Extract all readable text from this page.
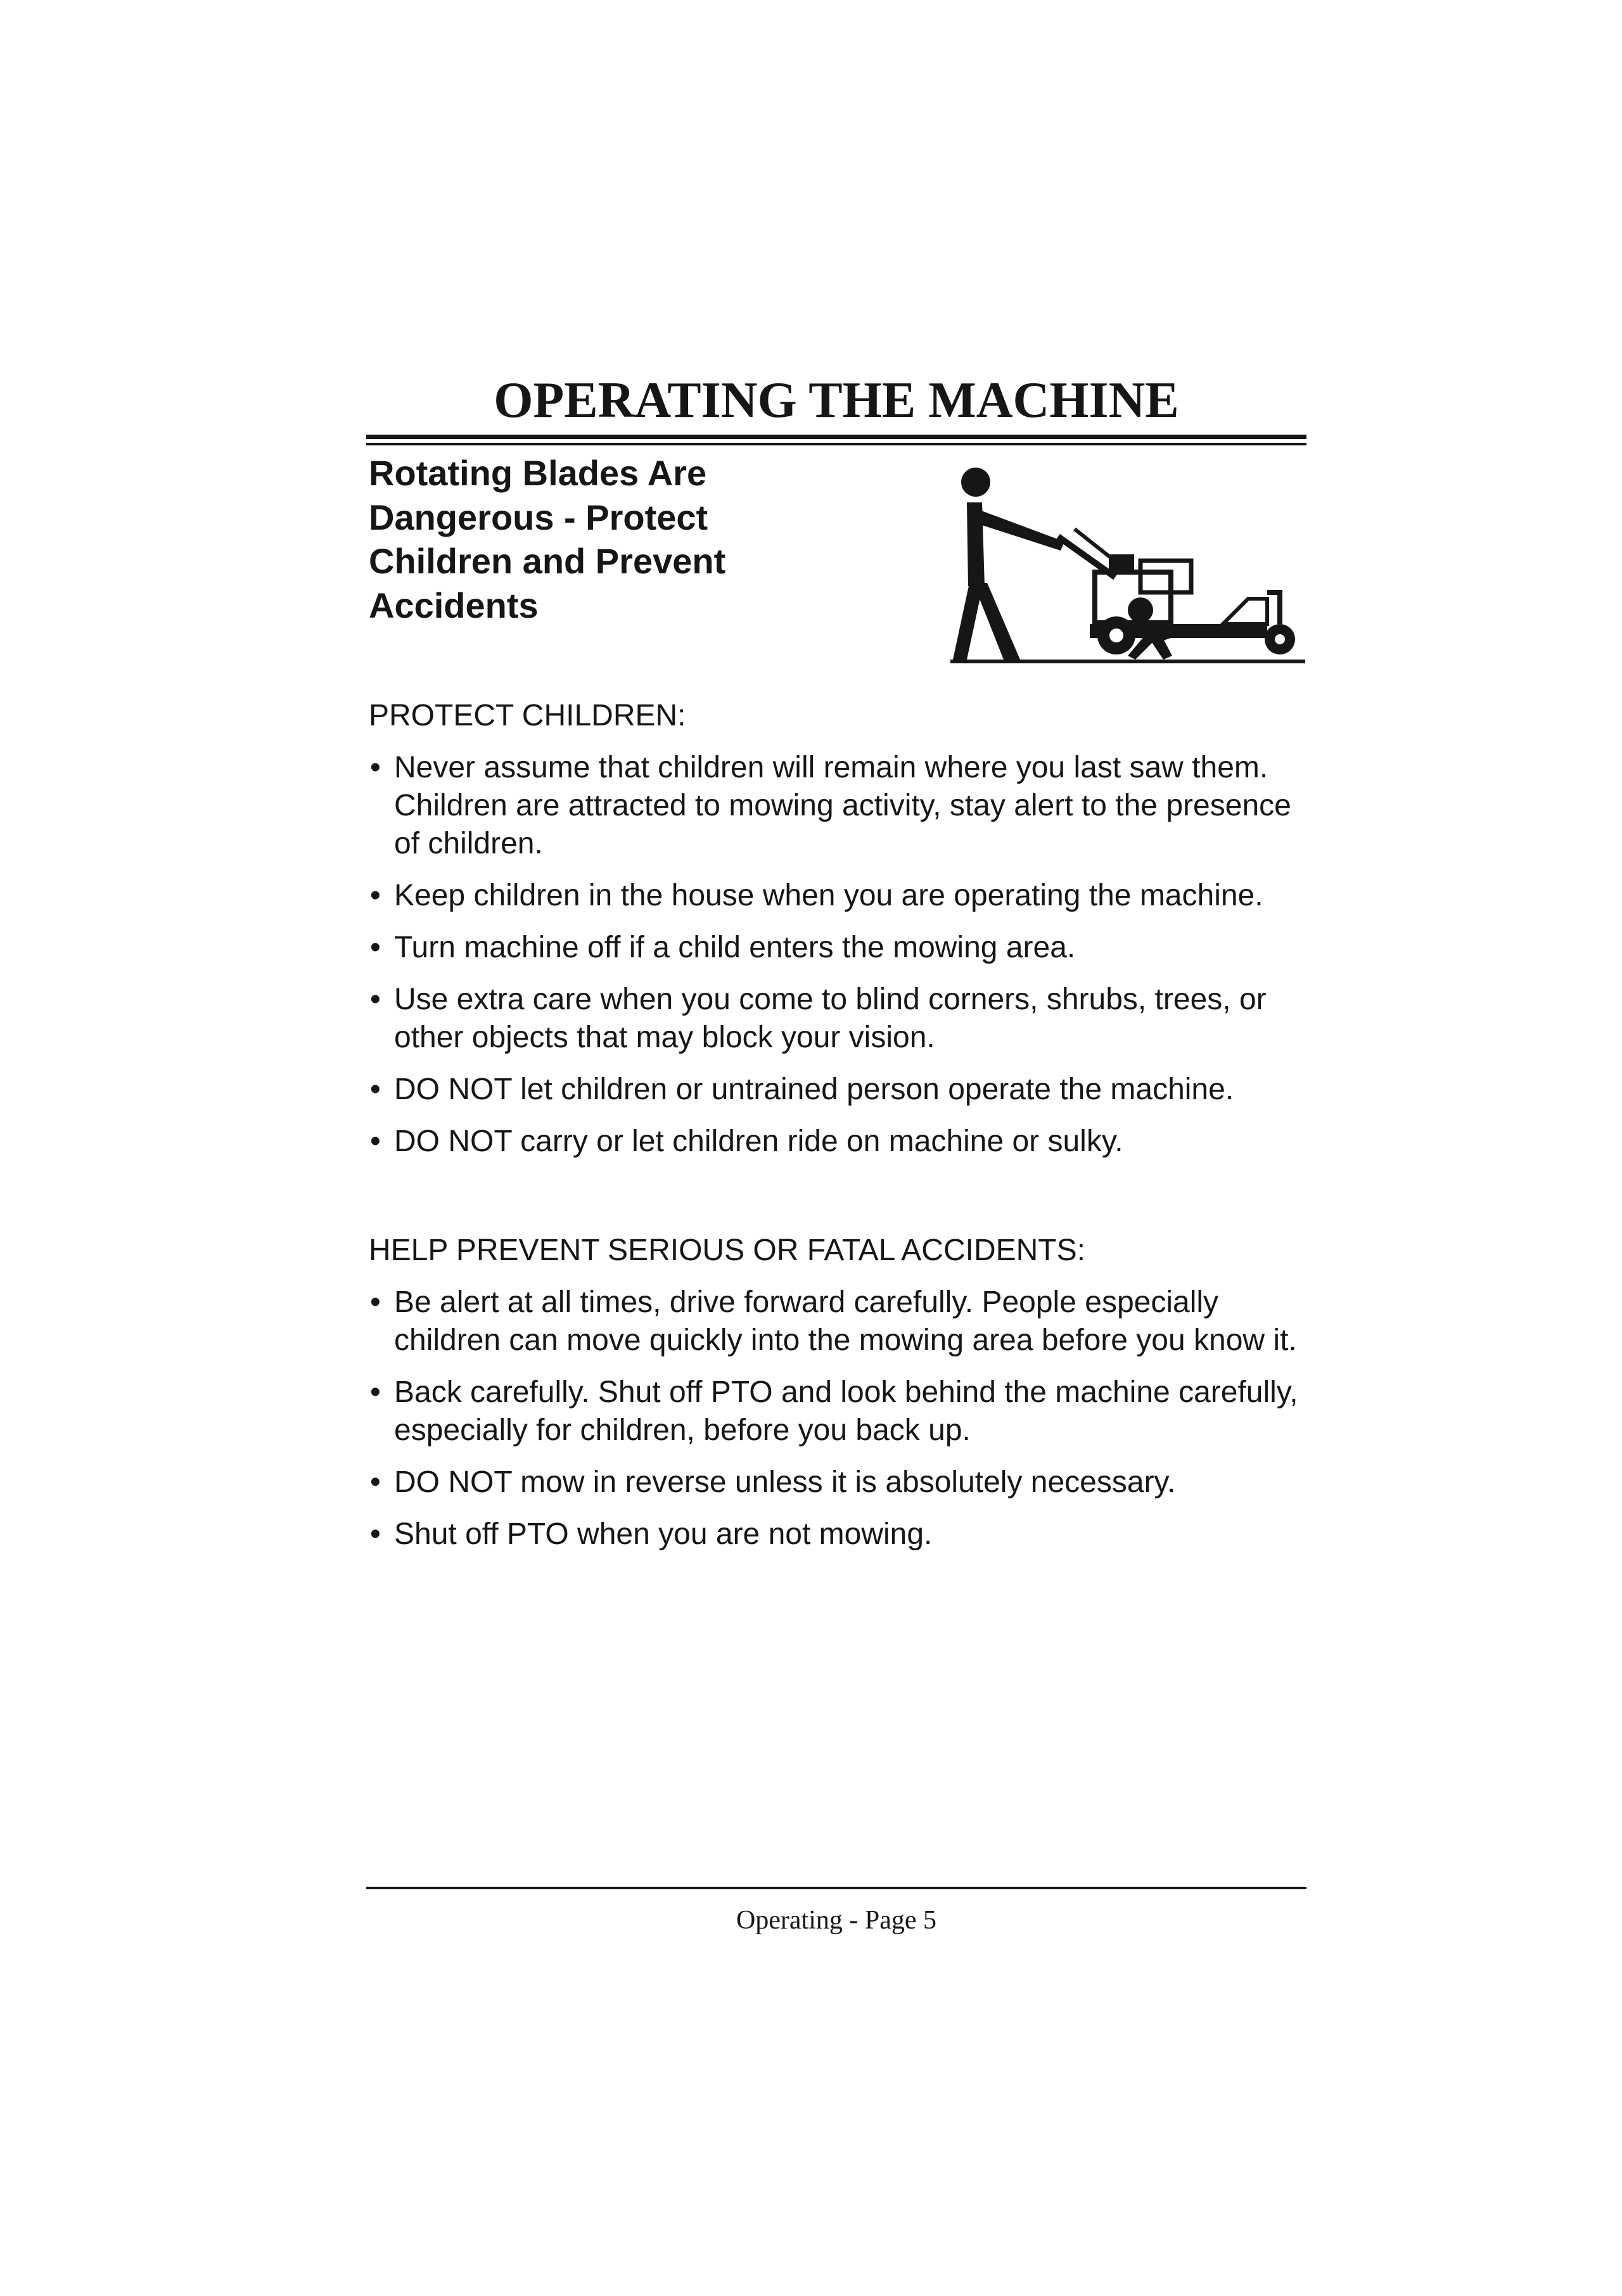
OPERATING THE MACHINE
Rotating Blades Are Dangerous - Protect Children and Prevent Accidents
PROTECT CHILDREN:
• Never assume that children will remain where you last saw them. Children are attracted to mowing activity, stay alert to the presence of children.
• Keep children in the house when you are operating the machine.
• Turn machine off if a child enters the mowing area.
• Use extra care when you come to blind corners, shrubs, trees, or other objects that may block your vision.
• DO NOT let children or untrained person operate the machine.
• DO NOT carry or let children ride on machine or sulky.
HELP PREVENT SERIOUS OR FATAL ACCIDENTS:
• Be alert at all times, drive forward carefully. People especially children can move quickly into the mowing area before you know it.
• Back carefully. Shut off PTO and look behind the machine carefully, especially for children, before you back up.
• DO NOT mow in reverse unless it is absolutely necessary.
• Shut off PTO when you are not mowing.

Operating - Page 5
